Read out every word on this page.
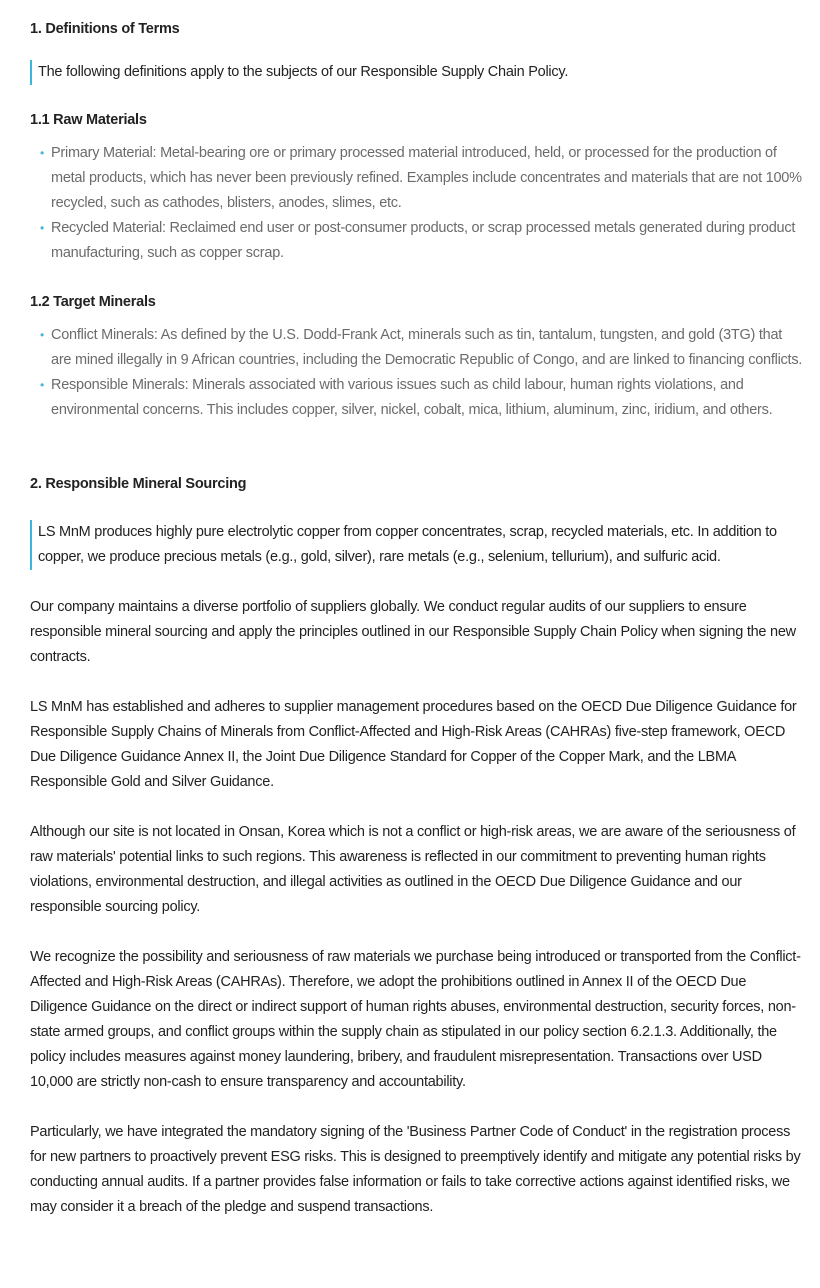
1. Definitions of Terms
The following definitions apply to the subjects of our Responsible Supply Chain Policy.
1.1 Raw Materials
• Primary Material: Metal-bearing ore or primary processed material introduced, held, or processed for the production of metal products, which has never been previously refined. Examples include concentrates and materials that are not 100% recycled, such as cathodes, blisters, anodes, slimes, etc.
• Recycled Material: Reclaimed end user or post-consumer products, or scrap processed metals generated during product manufacturing, such as copper scrap.
1.2 Target Minerals
• Conflict Minerals: As defined by the U.S. Dodd-Frank Act, minerals such as tin, tantalum, tungsten, and gold (3TG) that are mined illegally in 9 African countries, including the Democratic Republic of Congo, and are linked to financing conflicts.
• Responsible Minerals: Minerals associated with various issues such as child labour, human rights violations, and environmental concerns. This includes copper, silver, nickel, cobalt, mica, lithium, aluminum, zinc, iridium, and others.
2. Responsible Mineral Sourcing
LS MnM produces highly pure electrolytic copper from copper concentrates, scrap, recycled materials, etc. In addition to copper, we produce precious metals (e.g., gold, silver), rare metals (e.g., selenium, tellurium), and sulfuric acid.

Our company maintains a diverse portfolio of suppliers globally. We conduct regular audits of our suppliers to ensure responsible mineral sourcing and apply the principles outlined in our Responsible Supply Chain Policy when signing the new contracts.

LS MnM has established and adheres to supplier management procedures based on the OECD Due Diligence Guidance for Responsible Supply Chains of Minerals from Conflict-Affected and High-Risk Areas (CAHRAs) five-step framework, OECD Due Diligence Guidance Annex II, the Joint Due Diligence Standard for Copper of the Copper Mark, and the LBMA Responsible Gold and Silver Guidance.

Although our site is not located in Onsan, Korea which is not a conflict or high-risk areas, we are aware of the seriousness of raw materials' potential links to such regions. This awareness is reflected in our commitment to preventing human rights violations, environmental destruction, and illegal activities as outlined in the OECD Due Diligence Guidance and our responsible sourcing policy.

We recognize the possibility and seriousness of raw materials we purchase being introduced or transported from the Conflict-Affected and High-Risk Areas (CAHRAs). Therefore, we adopt the prohibitions outlined in Annex II of the OECD Due Diligence Guidance on the direct or indirect support of human rights abuses, environmental destruction, security forces, non-state armed groups, and conflict groups within the supply chain as stipulated in our policy section 6.2.1.3. Additionally, the policy includes measures against money laundering, bribery, and fraudulent misrepresentation. Transactions over USD 10,000 are strictly non-cash to ensure transparency and accountability.

Particularly, we have integrated the mandatory signing of the 'Business Partner Code of Conduct' in the registration process for new partners to proactively prevent ESG risks. This is designed to preemptively identify and mitigate any potential risks by conducting annual audits. If a partner provides false information or fails to take corrective actions against identified risks, we may consider it a breach of the pledge and suspend transactions.
